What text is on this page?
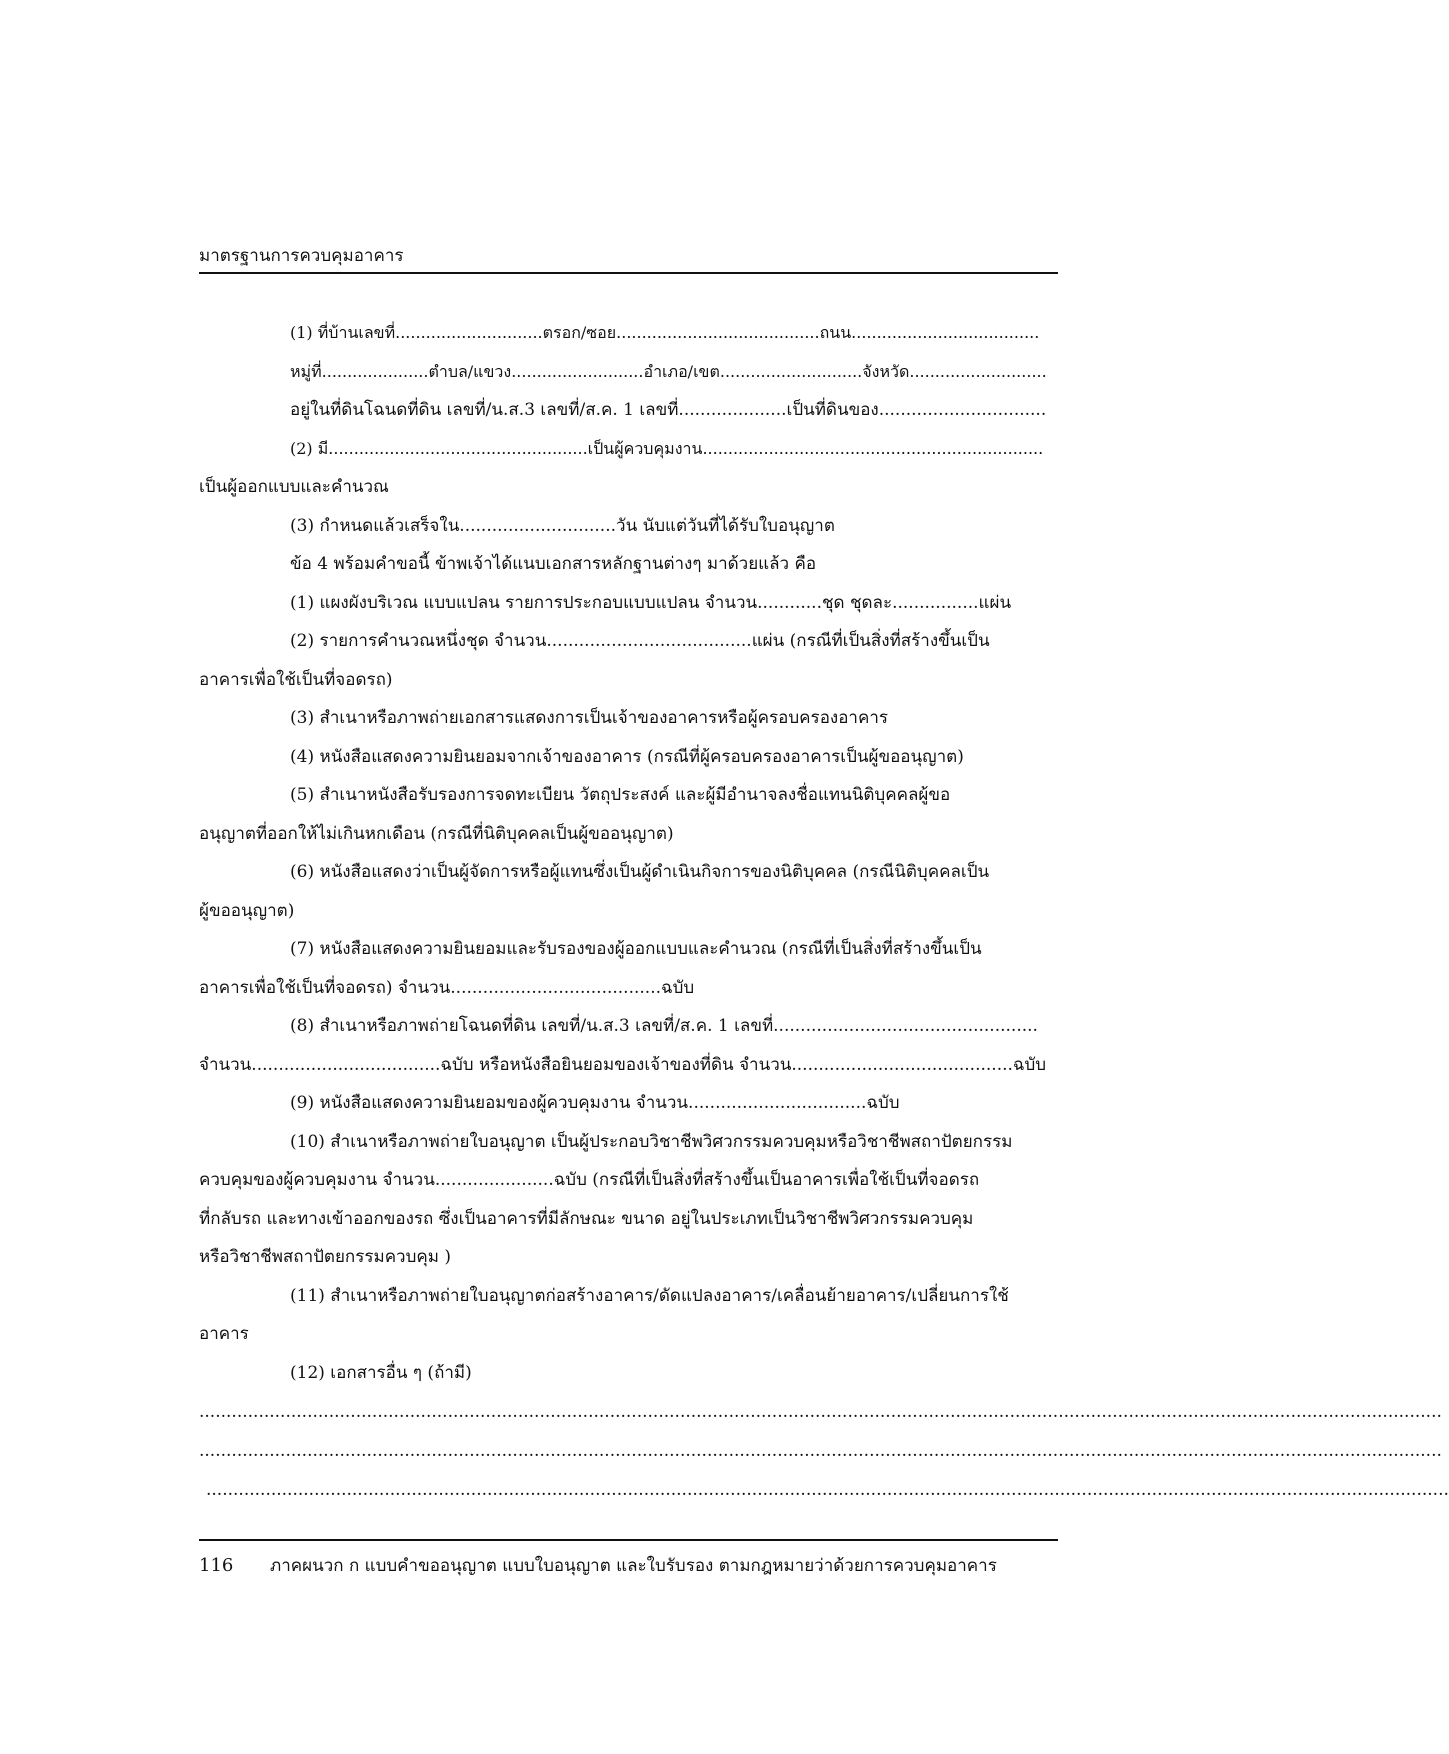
มาตรฐานการควบคุมอาคาร
(1) ที่บ้านเลขที่.............................ตรอก/ซอย........................................ถนน.....................................
หมู่ที่.....................ตำบล/แขวง..........................อำเภอ/เขต............................จังหวัด...........................
อยู่ในที่ดินโฉนดที่ดิน เลขที่/น.ส.3 เลขที่/ส.ค. 1 เลขที่....................เป็นที่ดินของ...............................
(2) มี...................................................เป็นผู้ควบคุมงาน...................................................................
เป็นผู้ออกแบบและคำนวณ
(3) กำหนดแล้วเสร็จใน.............................วัน นับแต่วันที่ได้รับใบอนุญาต
ข้อ 4 พร้อมคำขอนี้ ข้าพเจ้าได้แนบเอกสารหลักฐานต่างๆ มาด้วยแล้ว คือ
(1) แผงผังบริเวณ แบบแปลน รายการประกอบแบบแปลน จำนวน............ชุด ชุดละ................แผ่น
(2) รายการคำนวณหนึ่งชุด จำนวน......................................แผ่น (กรณีที่เป็นสิ่งที่สร้างขึ้นเป็น
อาคารเพื่อใช้เป็นที่จอดรถ)
(3) สำเนาหรือภาพถ่ายเอกสารแสดงการเป็นเจ้าของอาคารหรือผู้ครอบครองอาคาร
(4) หนังสือแสดงความยินยอมจากเจ้าของอาคาร (กรณีที่ผู้ครอบครองอาคารเป็นผู้ขออนุญาต)
(5) สำเนาหนังสือรับรองการจดทะเบียน วัตถุประสงค์ และผู้มีอำนาจลงชื่อแทนนิติบุคคลผู้ขอ
อนุญาตที่ออกให้ไม่เกินหกเดือน (กรณีที่นิติบุคคลเป็นผู้ขออนุญาต)
(6) หนังสือแสดงว่าเป็นผู้จัดการหรือผู้แทนซึ่งเป็นผู้ดำเนินกิจการของนิติบุคคล (กรณีนิติบุคคลเป็น
ผู้ขออนุญาต)
(7) หนังสือแสดงความยินยอมและรับรองของผู้ออกแบบและคำนวณ (กรณีที่เป็นสิ่งที่สร้างขึ้นเป็น
อาคารเพื่อใช้เป็นที่จอดรถ) จำนวน.......................................ฉบับ
(8) สำเนาหรือภาพถ่ายโฉนดที่ดิน เลขที่/น.ส.3 เลขที่/ส.ค. 1 เลขที่.................................................
จำนวน...................................ฉบับ หรือหนังสือยินยอมของเจ้าของที่ดิน จำนวน.........................................ฉบับ
(9) หนังสือแสดงความยินยอมของผู้ควบคุมงาน จำนวน.................................ฉบับ
(10) สำเนาหรือภาพถ่ายใบอนุญาต เป็นผู้ประกอบวิชาชีพวิศวกรรมควบคุมหรือวิชาชีพสถาปัตยกรรม
ควบคุมของผู้ควบคุมงาน จำนวน......................ฉบับ (กรณีที่เป็นสิ่งที่สร้างขึ้นเป็นอาคารเพื่อใช้เป็นที่จอดรถ
ที่กลับรถ และทางเข้าออกของรถ ซึ่งเป็นอาคารที่มีลักษณะ ขนาด อยู่ในประเภทเป็นวิชาชีพวิศวกรรมควบคุม
หรือวิชาชีพสถาปัตยกรรมควบคุม )
(11) สำเนาหรือภาพถ่ายใบอนุญาตก่อสร้างอาคาร/ดัดแปลงอาคาร/เคลื่อนย้ายอาคาร/เปลี่ยนการใช้
อาคาร
(12) เอกสารอื่น ๆ (ถ้ามี)
......................................................................................................................................................................................................................................
......................................................................................................................................................................................................................................
......................................................................................................................................................................................................................................
116 ภาคผนวก ก แบบคำขออนุญาต แบบใบอนุญาต และใบรับรอง ตามกฎหมายว่าด้วยการควบคุมอาคาร
